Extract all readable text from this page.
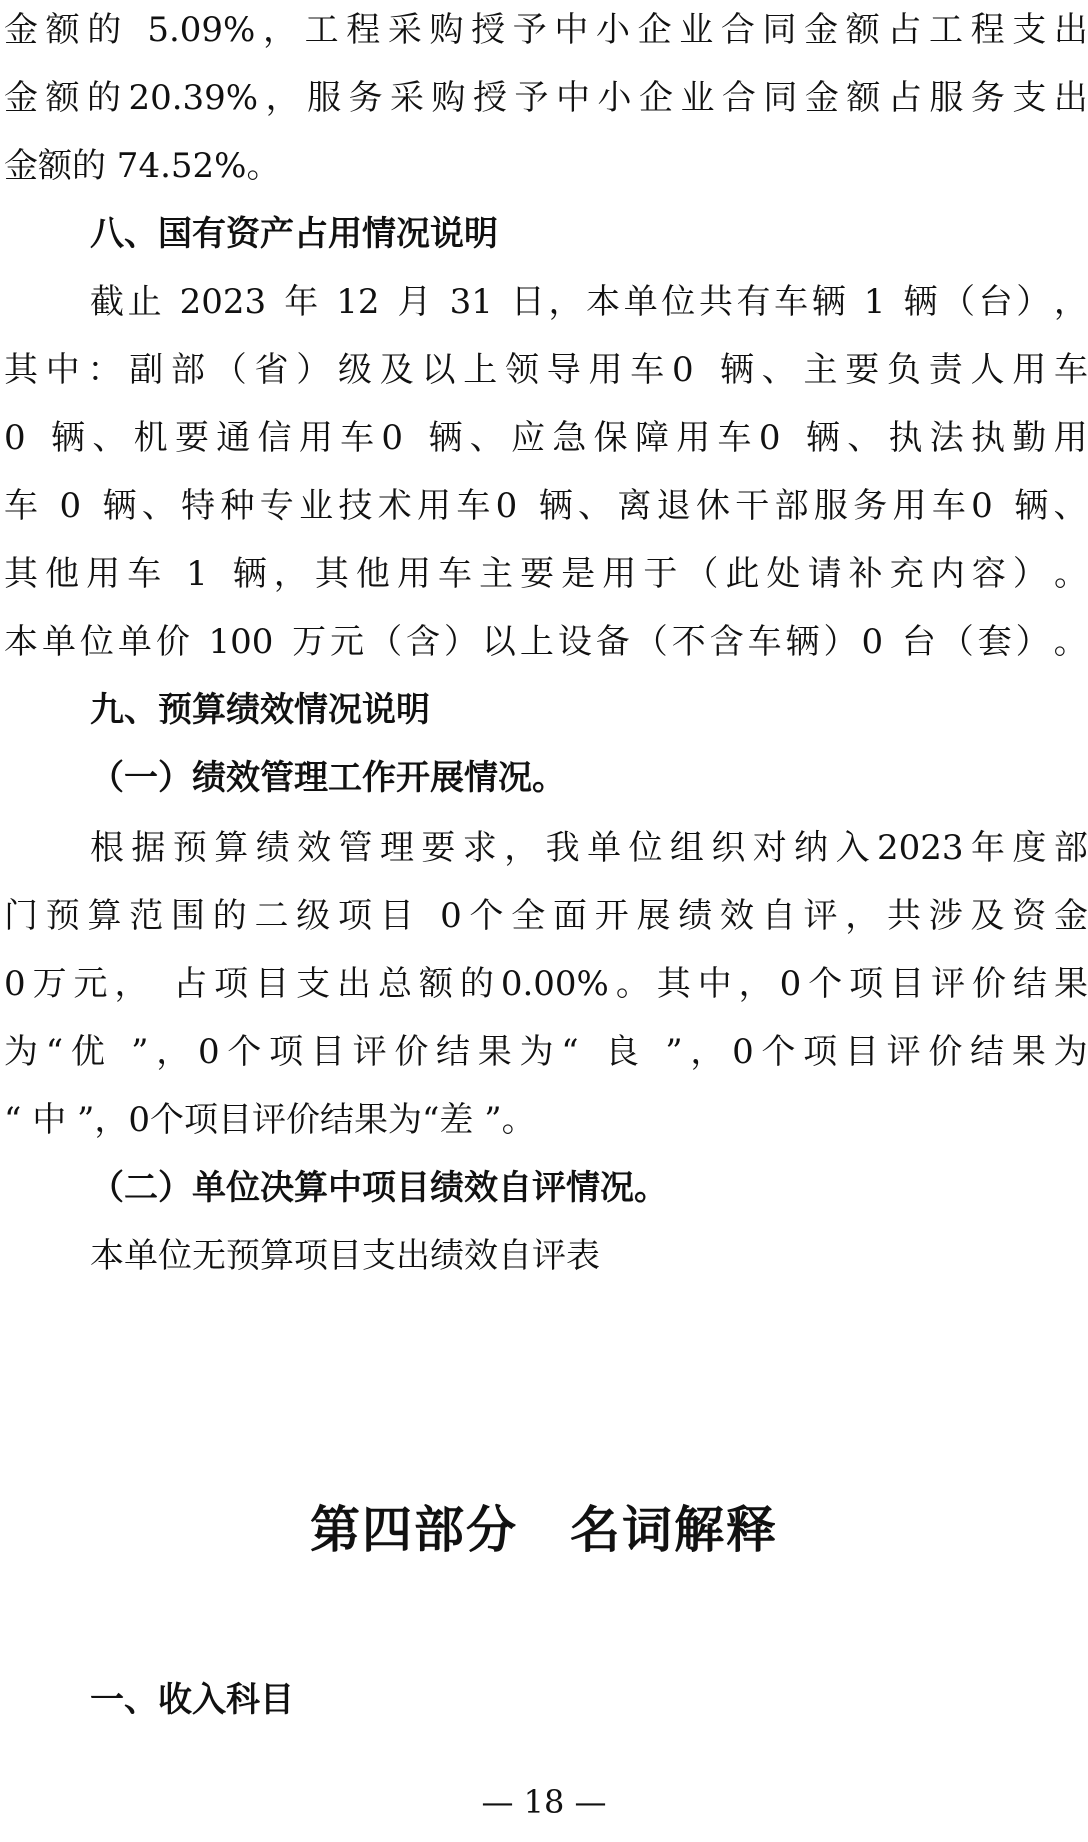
金 额 的
5.09% ， 工 程 采 购 授 予 中 小 企 业 合 同 金 额 占 工 程 支 出
金 额 的 20.39% ， 服 务 采 购 授 予 中 小 企 业 合 同 金 额 占 服 务 支 出
金额的 74.52%。
八、国有资产占用情况说明
截 止
2023
年
12
月
31
日 ， 本 单 位 共 有 车 辆
1
辆 （ 台 ） ，
其 中 ： 副 部 （ 省 ） 级 及 以 上 领 导 用 车 0
辆 、 主 要 负 责 人 用 车
0
辆 、 机 要 通 信 用 车 0
辆 、 应 急 保 障 用 车 0
辆 、 执 法 执 勤 用
车
0
辆 、 特 种 专 业 技 术 用 车 0
辆 、 离 退 休 干 部 服 务 用 车 0
辆 、
其 他 用 车
1
辆 ， 其 他 用 车 主 要 是 用 于 （ 此 处 请 补 充 内 容 ） 。
本 单 位 单 价
100
万 元 （ 含 ） 以 上 设 备 （ 不 含 车 辆 ） 0
台 （ 套 ） 。
九、预算绩效情况说明
（一）绩效管理工作开展情况。
根 据 预 算 绩 效 管 理 要 求 ， 我 单 位 组 织 对 纳 入 2023 年 度 部
门 预 算 范 围 的 二 级 项 目
0 个 全 面 开 展 绩 效 自 评 ， 共 涉 及 资 金
0 万 元 ，
占 项 目 支 出 总 额 的 0.00% 。 其 中 ， 0 个 项 目 评 价 结 果
为 “ 优
” ， 0 个 项 目 评 价 结 果 为 “
良
” ， 0 个 项 目 评 价 结 果 为
“ 中 ”，0个项目评价结果为“差 ”。
（二）单位决算中项目绩效自评情况。
本单位无预算项目支出绩效自评表
第四部分　名词解释
一、收入科目
— 18 —
